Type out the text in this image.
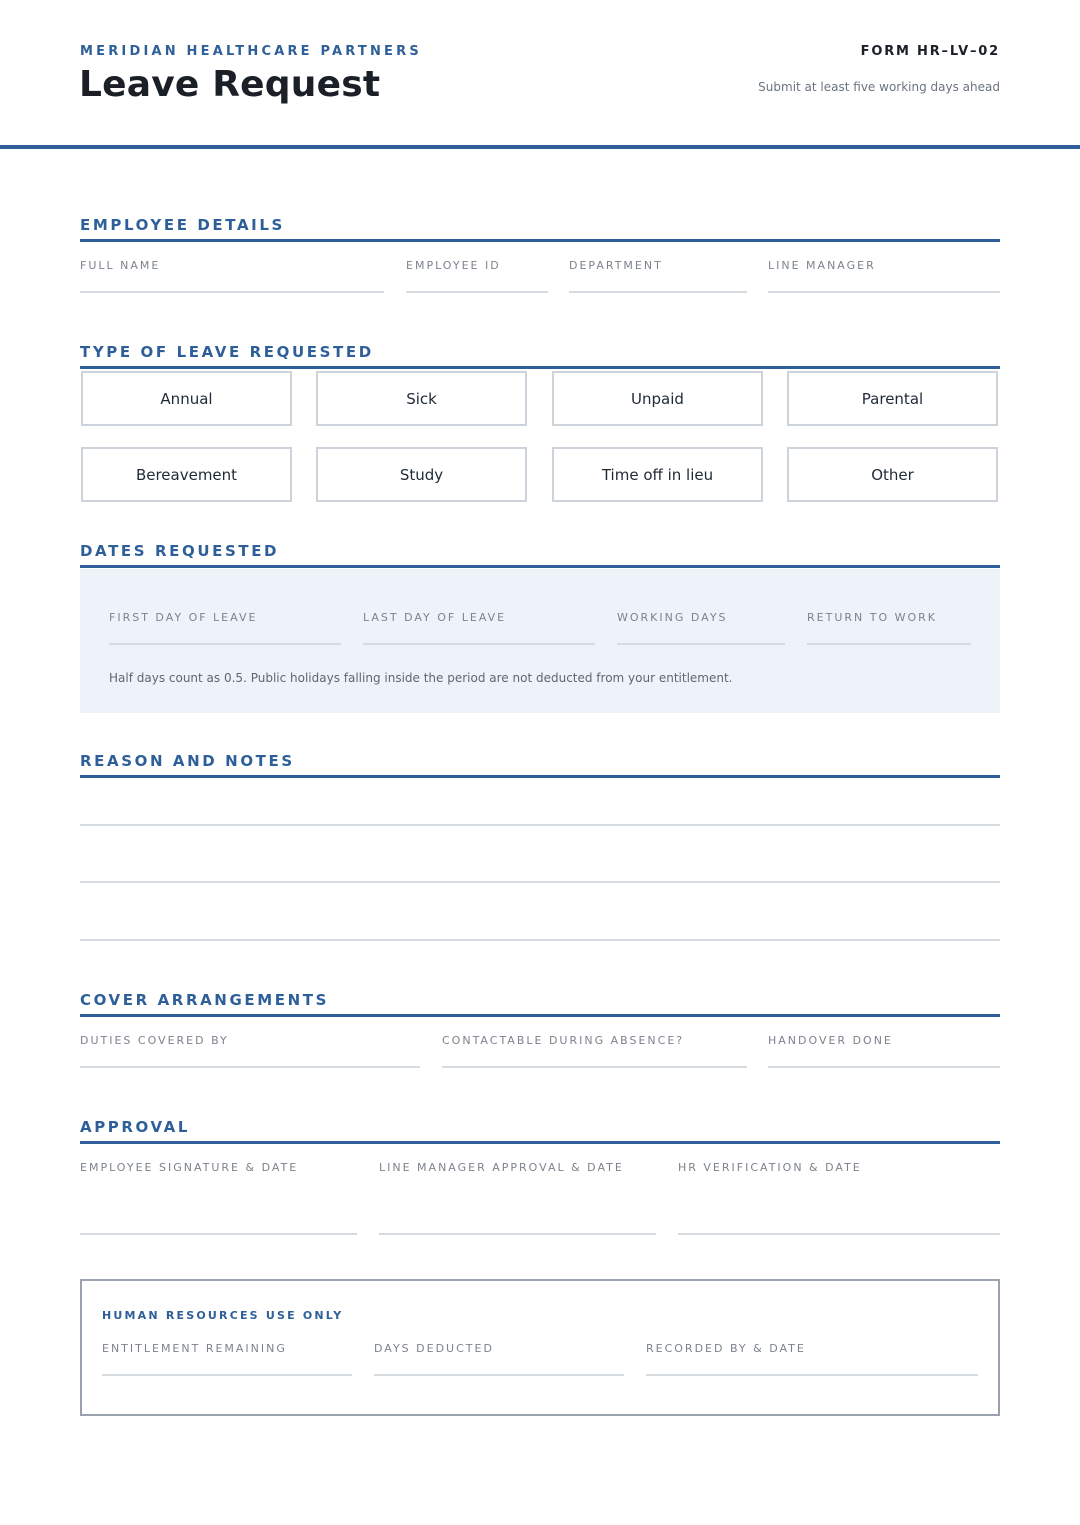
MERIDIAN HEALTHCARE PARTNERS
Leave Request
FORM HR–LV–02
Submit at least five working days ahead
EMPLOYEE DETAILS
FULL NAME	EMPLOYEE ID	DEPARTMENT	LINE MANAGER
TYPE OF LEAVE REQUESTED
Annual	Sick	Unpaid	Parental
Bereavement	Study	Time off in lieu	Other
DATES REQUESTED
FIRST DAY OF LEAVE	LAST DAY OF LEAVE	WORKING DAYS	RETURN TO WORK
Half days count as 0.5. Public holidays falling inside the period are not deducted from your entitlement.
REASON AND NOTES
COVER ARRANGEMENTS
DUTIES COVERED BY	CONTACTABLE DURING ABSENCE?	HANDOVER DONE
APPROVAL
EMPLOYEE SIGNATURE & DATE	LINE MANAGER APPROVAL & DATE	HR VERIFICATION & DATE
HUMAN RESOURCES USE ONLY
ENTITLEMENT REMAINING	DAYS DEDUCTED	RECORDED BY & DATE
